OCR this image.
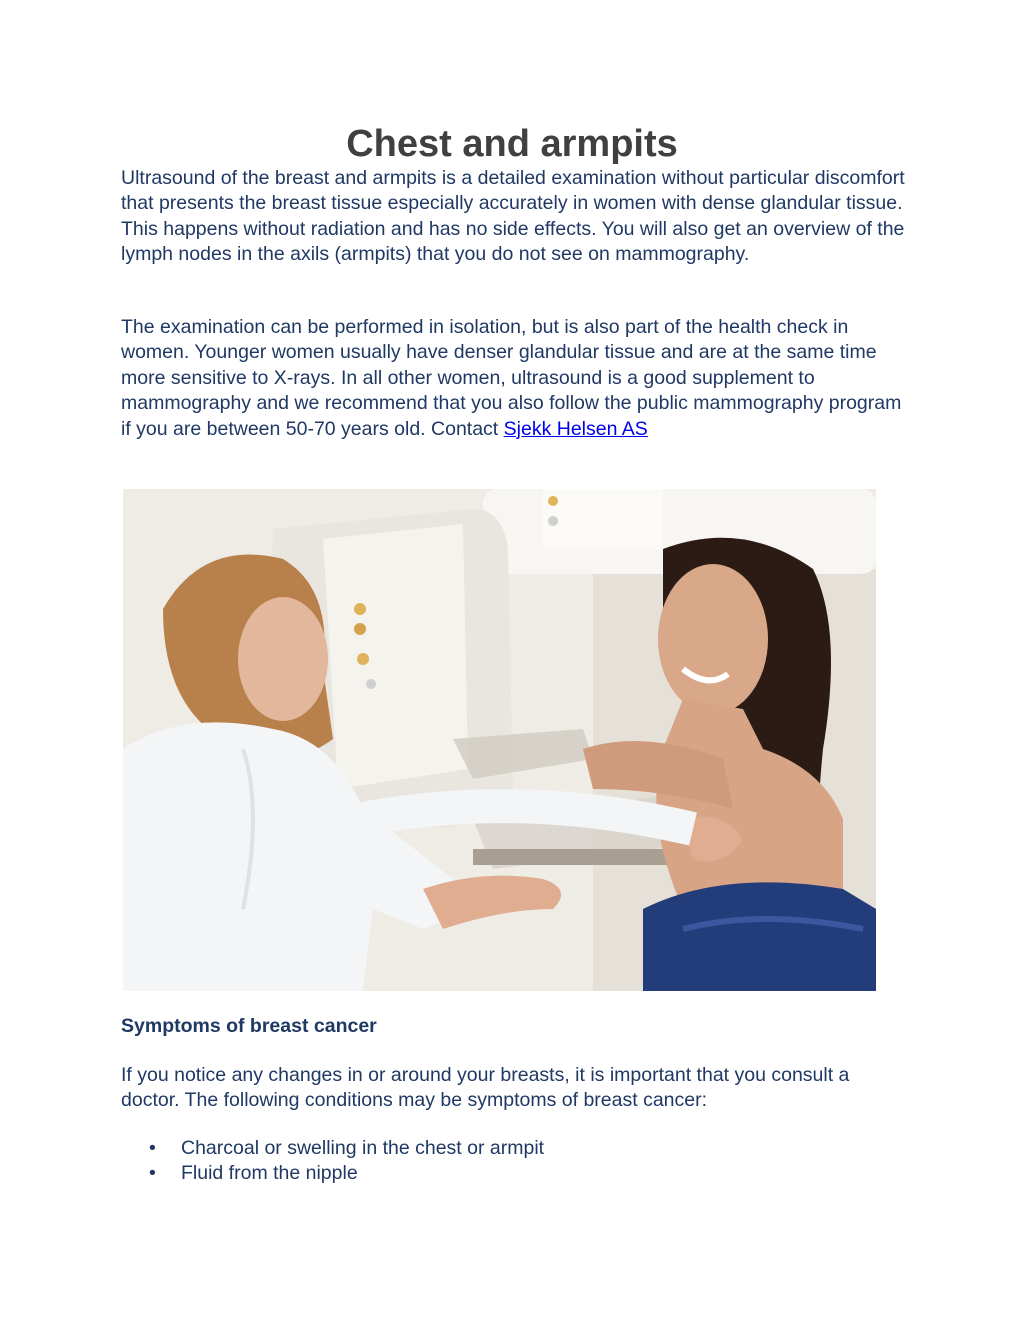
Chest and armpits

Ultrasound of the breast and armpits is a detailed examination without particular discomfort that presents the breast tissue especially accurately in women with dense glandular tissue. This happens without radiation and has no side effects. You will also get an overview of the lymph nodes in the axils (armpits) that you do not see on mammography.

The examination can be performed in isolation, but is also part of the health check in women. Younger women usually have denser glandular tissue and are at the same time more sensitive to X-rays. In all other women, ultrasound is a good supplement to mammography and we recommend that you also follow the public mammography program if you are between 50-70 years old. Contact Sjekk Helsen AS

Symptoms of breast cancer

If you notice any changes in or around your breasts, it is important that you consult a doctor. The following conditions may be symptoms of breast cancer:

• Charcoal or swelling in the chest or armpit
• Fluid from the nipple
